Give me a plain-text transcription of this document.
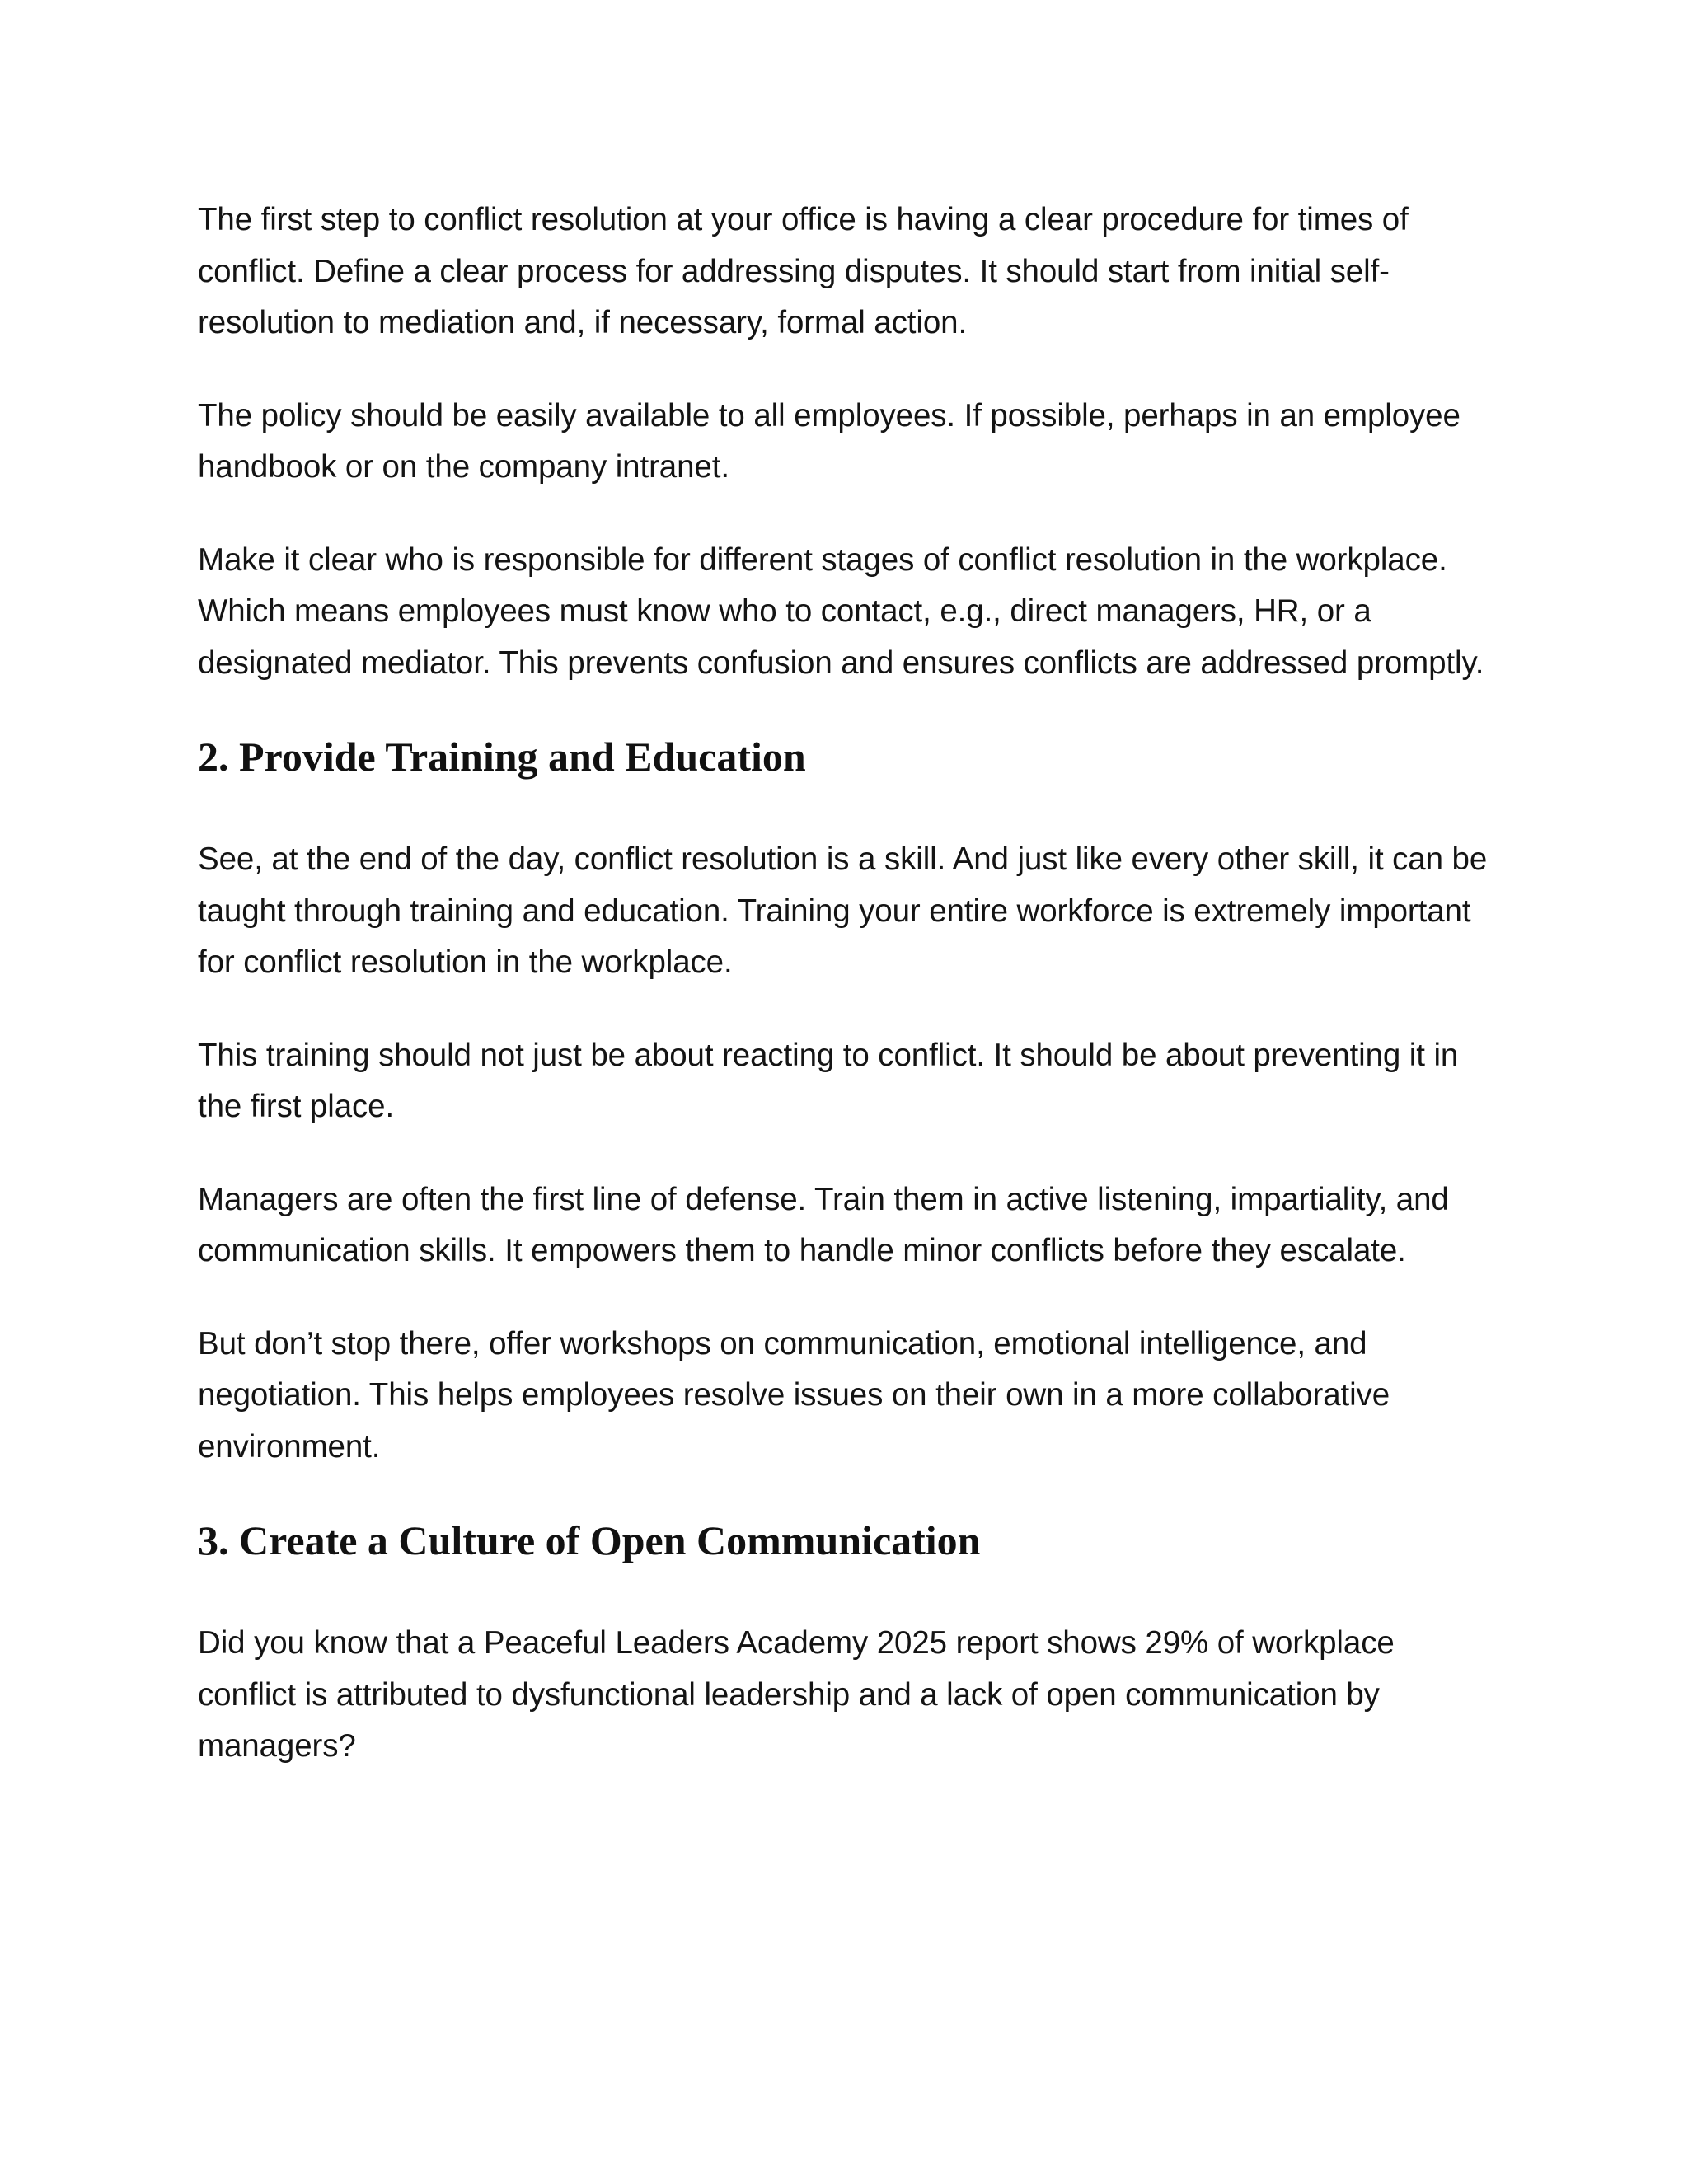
The first step to conflict resolution at your office is having a clear procedure for times of conflict. Define a clear process for addressing disputes. It should start from initial self-resolution to mediation and, if necessary, formal action.

The policy should be easily available to all employees. If possible, perhaps in an employee handbook or on the company intranet.

Make it clear who is responsible for different stages of conflict resolution in the workplace. Which means employees must know who to contact, e.g., direct managers, HR, or a designated mediator. This prevents confusion and ensures conflicts are addressed promptly.

2. Provide Training and Education

See, at the end of the day, conflict resolution is a skill. And just like every other skill, it can be taught through training and education. Training your entire workforce is extremely important for conflict resolution in the workplace.

This training should not just be about reacting to conflict. It should be about preventing it in the first place.

Managers are often the first line of defense. Train them in active listening, impartiality, and communication skills. It empowers them to handle minor conflicts before they escalate.

But don’t stop there, offer workshops on communication, emotional intelligence, and negotiation. This helps employees resolve issues on their own in a more collaborative environment.

3. Create a Culture of Open Communication

Did you know that a Peaceful Leaders Academy 2025 report shows 29% of workplace conflict is attributed to dysfunctional leadership and a lack of open communication by managers?
